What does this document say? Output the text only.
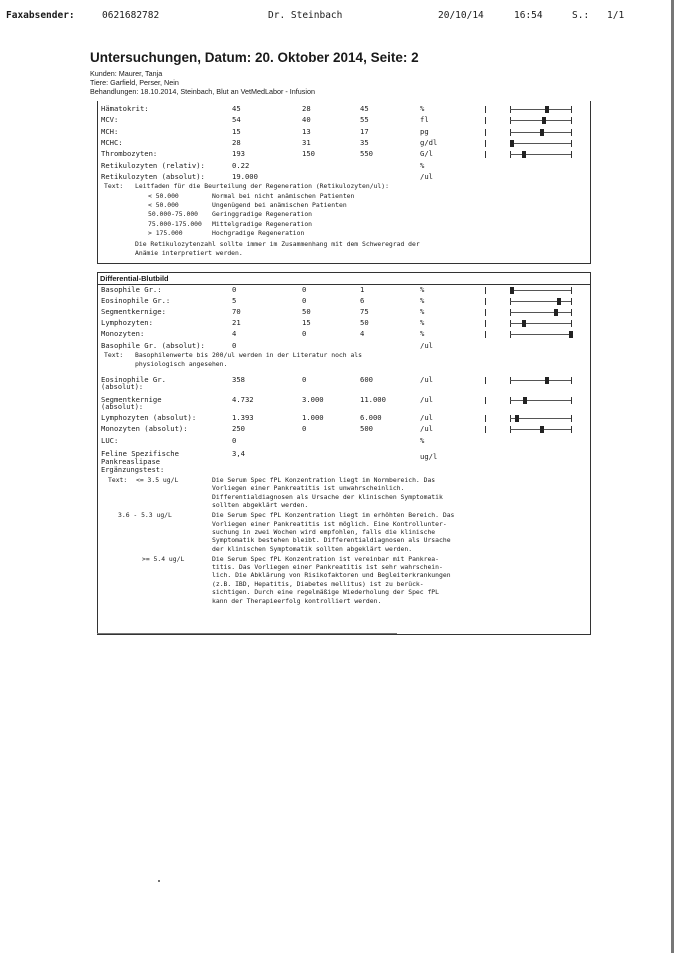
Faxabsender:	0621682782	Dr. Steinbach	20/10/14	16:54	S.: 1/1
Untersuchungen, Datum: 20. Oktober 2014, Seite: 2
Kunden: Maurer, Tanja
Tiere: Garfield, Perser, Nein
Behandlungen: 18.10.2014, Steinbach, Blut an VetMedLabor - Infusion
Hämatokrit:	45	28	45	%
MCV:	54	40	55	fl
MCH:	15	13	17	pg
MCHC:	28	31	35	g/dl
Thrombozyten:	193	150	550	G/l
Retikulozyten (relativ):	0.22	%
Retikulozyten (absolut):	19.000	/ul
Text: Leitfaden für die Beurteilung der Regeneration (Retikulozyten/ul):
< 50.000	Normal bei nicht anämischen Patienten
< 50.000	Ungenügend bei anämischen Patienten
50.000-75.000 Geringgradige Regeneration
75.000-175.000 Mittelgradige Regeneration
> 175.000	Hochgradige Regeneration
Die Retikulozytenzahl sollte immer im Zusammenhang mit dem Schweregrad der
Anämie interpretiert werden.
Differential-Blutbild
Basophile Gr.:	0	0	1	%
Eosinophile Gr.:	5	0	6	%
Segmentkernige:	70	50	75	%
Lymphozyten:	21	15	50	%
Monozyten:	4	0	4	%
Basophile Gr. (absolut):	0	/ul
Text: Basophilenwerte bis 200/ul werden in der Literatur noch als
physiologisch angesehen.
Eosinophile Gr.	358	0	600	/ul
(absolut):
Segmentkernige	4.732	3.000	11.000	/ul
(absolut):
Lymphozyten (absolut):	1.393	1.000	6.000	/ul
Monozyten (absolut):	250	0	500	/ul
LUC:	0	%
Feline Spezifische	3,4	ug/l
Pankreaslipase
Ergänzungstest:
Text: <= 3.5 ug/L	Die Serum Spec fPL Konzentration liegt im Normbereich. Das
Vorliegen einer Pankreatitis ist unwahrscheinlich.
Differentialdiagnosen als Ursache der klinischen Symptomatik
sollten abgeklärt werden.
3.6 - 5.3 ug/L	Die Serum Spec fPL Konzentration liegt im erhöhten Bereich. Das
Vorliegen einer Pankreatitis ist möglich. Eine Kontrollunter-
suchung in zwei Wochen wird empfohlen, falls die klinische
Symptomatik bestehen bleibt. Differentialdiagnosen als Ursache
der klinischen Symptomatik sollten abgeklärt werden.
>= 5.4 ug/L	Die Serum Spec fPL Konzentration ist vereinbar mit Pankrea-
titis. Das Vorliegen einer Pankreatitis ist sehr wahrschein-
lich. Die Abklärung von Risikofaktoren und Begleiterkrankungen
(z.B. IBD, Hepatitis, Diabetes mellitus) ist zu berück-
sichtigen. Durch eine regelmäßige Wiederholung der Spec fPL
kann der Therapieerfolg kontrolliert werden.
